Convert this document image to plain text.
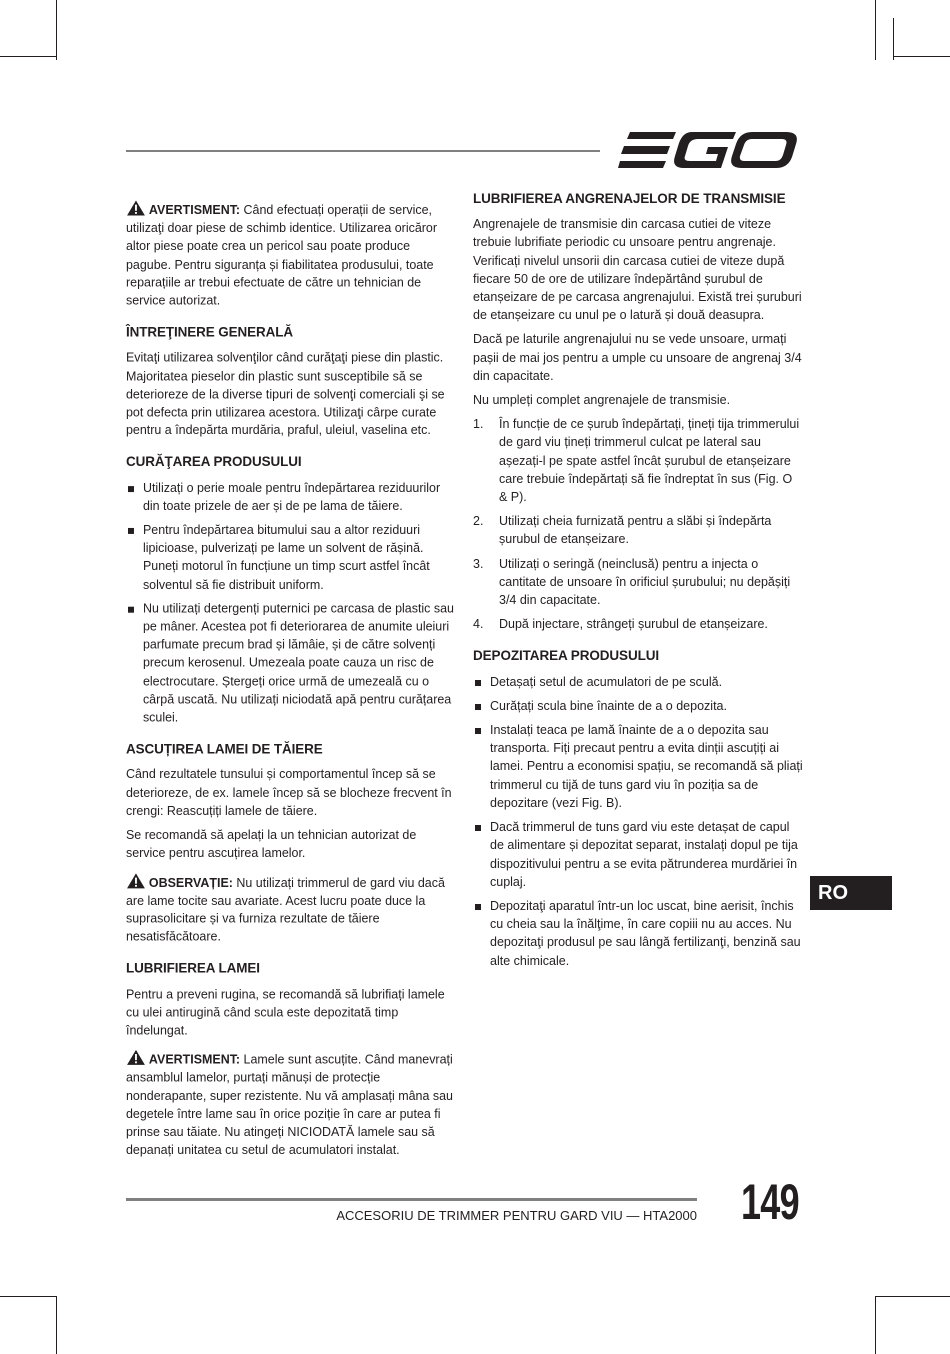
AVERTISMENT: Când efectuați operații de service, utilizaţi doar piese de schimb identice. Utilizarea oricăror altor piese poate crea un pericol sau poate produce pagube. Pentru siguranța și fiabilitatea produsului, toate reparațiile ar trebui efectuate de către un tehnician de service autorizat.

ÎNTREŢINERE GENERALĂ

Evitaţi utilizarea solvenţilor când curăţaţi piese din plastic. Majoritatea pieselor din plastic sunt susceptibile să se deterioreze de la diverse tipuri de solvenţi comerciali şi se pot defecta prin utilizarea acestora. Utilizaţi cârpe curate pentru a îndepărta murdăria, praful, uleiul, vaselina etc.

CURĂŢAREA PRODUSULUI
Utilizați o perie moale pentru îndepărtarea reziduurilor din toate prizele de aer și de pe lama de tăiere.
Pentru îndepărtarea bitumului sau a altor reziduuri lipicioase, pulverizați pe lame un solvent de rășină. Puneți motorul în funcțiune un timp scurt astfel încât solventul să fie distribuit uniform.
Nu utilizați detergenți puternici pe carcasa de plastic sau pe mâner. Acestea pot fi deteriorarea de anumite uleiuri parfumate precum brad și lămâie, și de către solvenți precum kerosenul. Umezeala poate cauza un risc de electrocutare. Ștergeți orice urmă de umezeală cu o cârpă uscată. Nu utilizați niciodată apă pentru curățarea sculei.
ASCUȚIREA LAMEI DE TĂIERE

Când rezultatele tunsului și comportamentul încep să se deterioreze, de ex. lamele încep să se blocheze frecvent în crengi: Reascuțiți lamele de tăiere.

Se recomandă să apelați la un tehnician autorizat de service pentru ascuțirea lamelor.

OBSERVAȚIE: Nu utilizați trimmerul de gard viu dacă are lame tocite sau avariate. Acest lucru poate duce la suprasolicitare și va furniza rezultate de tăiere nesatisfăcătoare.

LUBRIFIEREA LAMEI

Pentru a preveni rugina, se recomandă să lubrifiați lamele cu ulei antirugină când scula este depozitată timp îndelungat.

AVERTISMENT: Lamele sunt ascuțite. Când manevrați ansamblul lamelor, purtați mănuși de protecție nonderapante, super rezistente. Nu vă amplasați mâna sau degetele între lame sau în orice poziție în care ar putea fi prinse sau tăiate. Nu atingeți NICIODATĂ lamele sau să depanați unitatea cu setul de acumulatori instalat.

LUBRIFIEREA ANGRENAJELOR DE TRANSMISIE

Angrenajele de transmisie din carcasa cutiei de viteze trebuie lubrifiate periodic cu unsoare pentru angrenaje. Verificați nivelul unsorii din carcasa cutiei de viteze după fiecare 50 de ore de utilizare îndepărtând șurubul de etanșeizare de pe carcasa angrenajului. Există trei șuruburi de etanșeizare cu unul pe o latură și două deasupra.

Dacă pe laturile angrenajului nu se vede unsoare, urmați pașii de mai jos pentru a umple cu unsoare de angrenaj 3/4 din capacitate.

Nu umpleți complet angrenajele de transmisie.

1. În funcție de ce șurub îndepărtați, țineți tija trimmerului de gard viu țineți trimmerul culcat pe lateral sau așezați-l pe spate astfel încât șurubul de etanșeizare care trebuie îndepărtați să fie îndreptat în sus (Fig. O & P).
2. Utilizați cheia furnizată pentru a slăbi și îndepărta șurubul de etanșeizare.
3. Utilizați o seringă (neinclusă) pentru a injecta o cantitate de unsoare în orificiul șurubului; nu depășiți 3/4 din capacitate.
4. După injectare, strângeți șurubul de etanșeizare.
DEPOZITAREA PRODUSULUI
Detașați setul de acumulatori de pe sculă.
Curățați scula bine înainte de a o depozita.
Instalați teaca pe lamă înainte de a o depozita sau transporta. Fiți precaut pentru a evita dinții ascuțiți ai lamei. Pentru a economisi spațiu, se recomandă să pliați trimmerul cu tijă de tuns gard viu în poziția sa de depozitare (vezi Fig. B).
Dacă trimmerul de tuns gard viu este detașat de capul de alimentare și depozitat separat, instalați dopul pe tija dispozitivului pentru a se evita pătrunderea murdăriei în cuplaj.
Depozitaţi aparatul într-un loc uscat, bine aerisit, închis cu cheia sau la înălţime, în care copiii nu au acces. Nu depozitaţi produsul pe sau lângă fertilizanţi, benzină sau alte chimicale.
RO
ACCESORIU DE TRIMMER PENTRU GARD VIU — HTA2000 149
